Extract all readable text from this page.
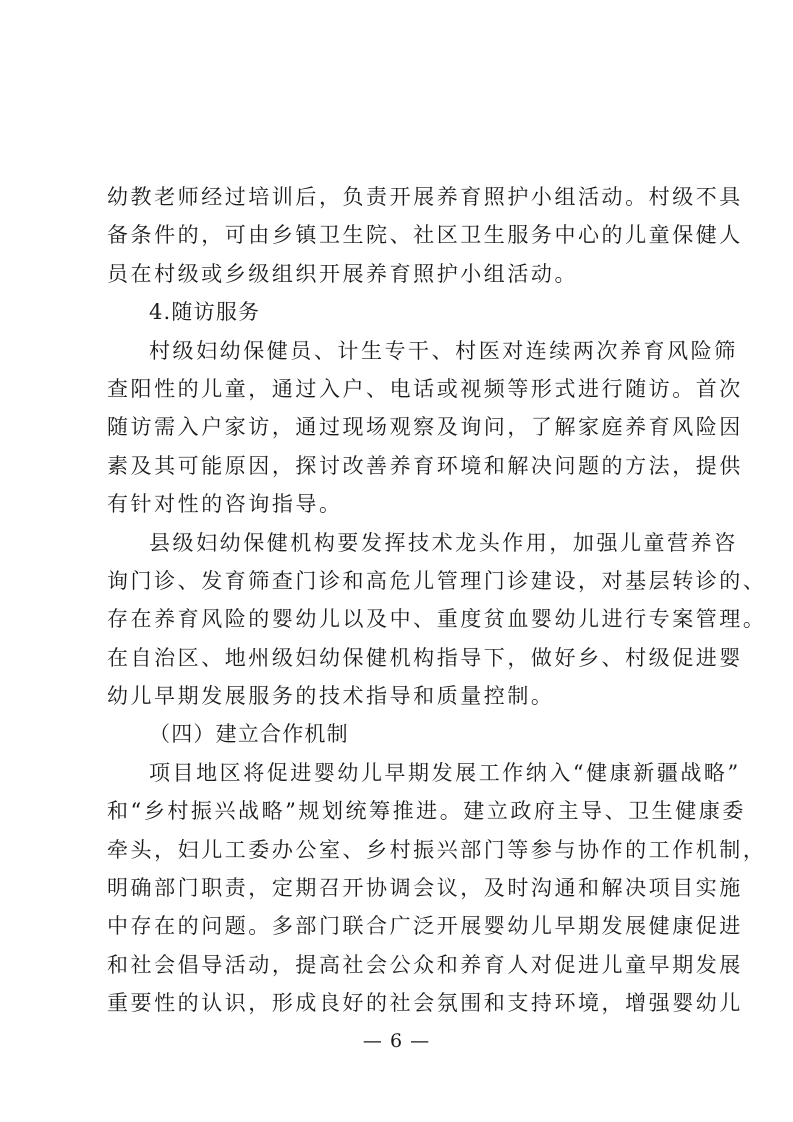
幼教老师经过培训后，负责开展养育照护小组活动。村级不具
备条件的，可由乡镇卫生院、社区卫生服务中心的儿童保健人
员在村级或乡级组织开展养育照护小组活动。
4.随访服务
村级妇幼保健员、计生专干、村医对连续两次养育风险筛
查阳性的儿童，通过入户、电话或视频等形式进行随访。首次
随访需入户家访，通过现场观察及询问，了解家庭养育风险因
素及其可能原因，探讨改善养育环境和解决问题的方法，提供
有针对性的咨询指导。
县级妇幼保健机构要发挥技术龙头作用，加强儿童营养咨
询门诊、发育筛查门诊和高危儿管理门诊建设，对基层转诊的、
存在养育风险的婴幼儿以及中、重度贫血婴幼儿进行专案管理。
在自治区、地州级妇幼保健机构指导下，做好乡、村级促进婴
幼儿早期发展服务的技术指导和质量控制。
（四）建立合作机制
项目地区将促进婴幼儿早期发展工作纳入“健康新疆战略”
和“乡村振兴战略”规划统筹推进。建立政府主导、卫生健康委
牵头，妇儿工委办公室、乡村振兴部门等参与协作的工作机制，
明确部门职责，定期召开协调会议，及时沟通和解决项目实施
中存在的问题。多部门联合广泛开展婴幼儿早期发展健康促进
和社会倡导活动，提高社会公众和养育人对促进儿童早期发展
重要性的认识，形成良好的社会氛围和支持环境，增强婴幼儿
— 6 —
